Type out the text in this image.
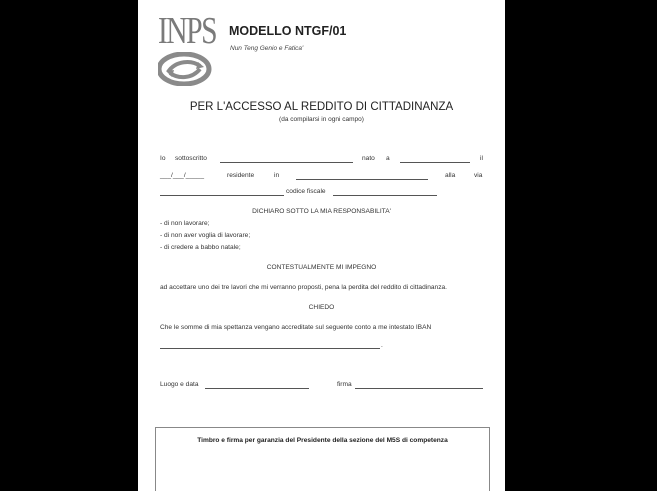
INPS MODELLO NTGF/01
Nun Teng Genio e Fatica'
PER L'ACCESSO AL REDDITO DI CITTADINANZA
(da compilarsi in ogni campo)
Io sottoscritto	nato a	il
___/___/_____	residente	in	alla	via
codice fiscale
DICHIARO SOTTO LA MIA RESPONSABILITA'
- di non lavorare;
- di non aver voglia di lavorare;
- di credere a babbo natale;
CONTESTUALMENTE MI IMPEGNO
ad accettare uno dei tre lavori che mi verranno proposti, pena la perdita del reddito di cittadinanza.
CHIEDO
Che le somme di mia spettanza vengano accreditate sul seguente conto a me intestato IBAN
.
Luogo e data	firma
Timbro e firma per garanzia del Presidente della sezione del M5S di competenza
